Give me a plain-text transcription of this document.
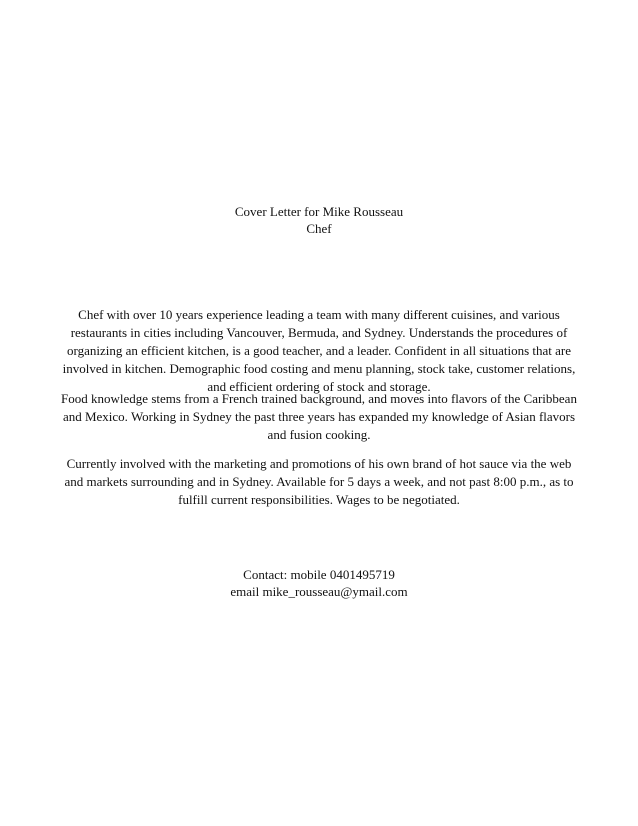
Cover Letter for Mike Rousseau
Chef

Chef with over 10 years experience leading a team with many different cuisines, and various restaurants in cities including Vancouver, Bermuda, and Sydney. Understands the procedures of organizing an efficient kitchen, is a good teacher, and a leader. Confident in all situations that are involved in kitchen. Demographic food costing and menu planning, stock take, customer relations, and efficient ordering of stock and storage.

Food knowledge stems from a French trained background, and moves into flavors of the Caribbean and Mexico. Working in Sydney the past three years has expanded my knowledge of Asian flavors and fusion cooking.

Currently involved with the marketing and promotions of his own brand of hot sauce via the web and markets surrounding and in Sydney. Available for 5 days a week, and not past 8:00 p.m., as to fulfill current responsibilities. Wages to be negotiated.

Contact: mobile 0401495719
email mike_rousseau@ymail.com
